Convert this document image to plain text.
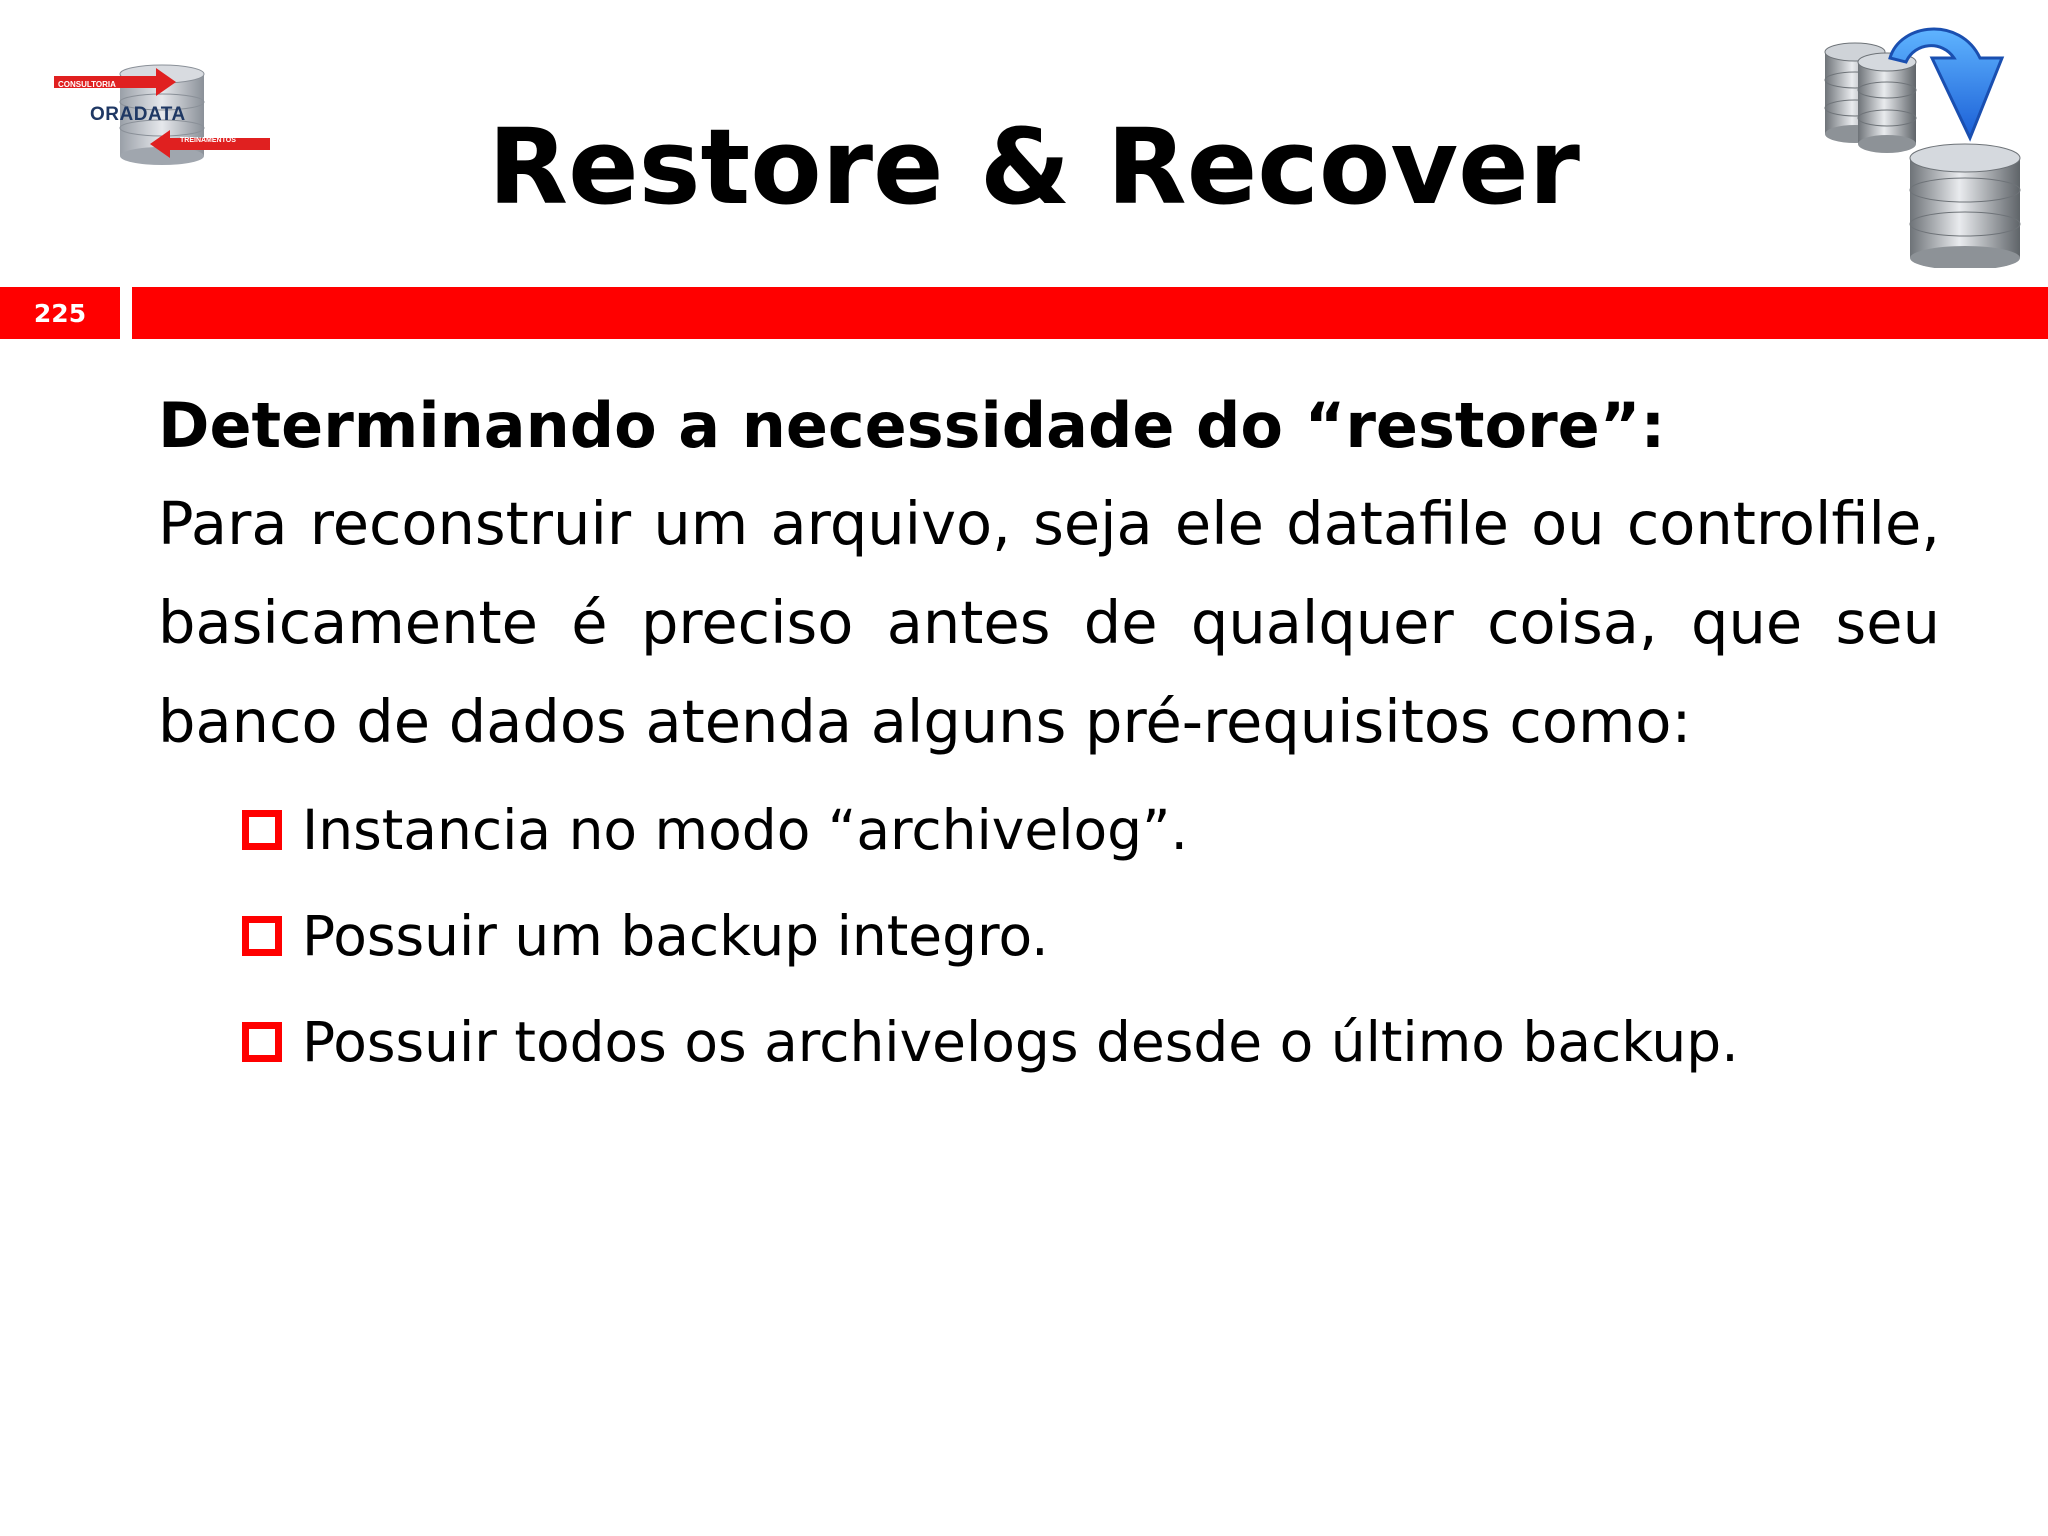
CONSULTORIA
ORADATA
TREINAMENTOS	Restore & Recover
225

Determinando a necessidade do “restore”:

Para reconstruir um arquivo, seja ele datafile ou controlfile, basicamente é preciso antes de qualquer coisa, que seu banco de dados atenda alguns pré-requisitos como:

Instancia no modo “archivelog”.
Possuir um backup integro.
Possuir todos os archivelogs desde o último backup.
